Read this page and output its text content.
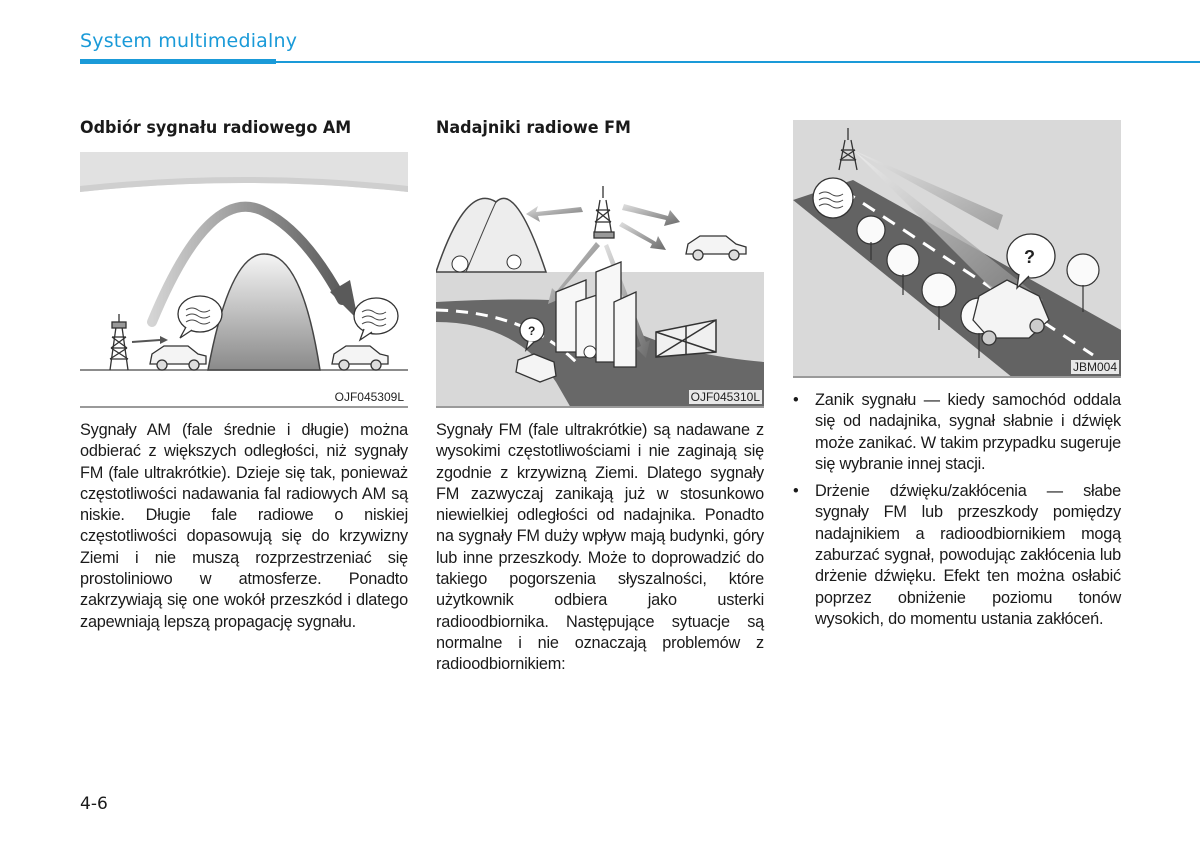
System multimedialny
Odbiór sygnału radiowego AM
OJF045309L

Sygnały AM (fale średnie i długie) można odbierać z większych odległości, niż sygnały FM (fale ultrakrótkie). Dzieje się tak, ponieważ częstotliwości nadawania fal radiowych AM są niskie. Długie fale radiowe o niskiej częstotliwości dopasowują się do krzywizny Ziemi i nie muszą rozprzestrzeniać się prostoliniowo w atmosferze. Ponadto zakrzywiają się one wokół przeszkód i dlatego zapewniają lepszą propagację sygnału.

Nadajniki radiowe FM
?
OJF045310L

Sygnały FM (fale ultrakrótkie) są nadawane z wysokimi częstotliwościami i nie zaginają się zgodnie z krzywizną Ziemi. Dlatego sygnały FM zazwyczaj zanikają już w stosunkowo niewielkiej odległości od nadajnika. Ponadto na sygnały FM duży wpływ mają budynki, góry lub inne przeszkody. Może to doprowadzić do takiego pogorszenia słyszalności, które użytkownik odbiera jako usterki radioodbiornika. Następujące sytuacje są normalne i nie oznaczają problemów z radioodbiornikiem:

?
JBM004
• Zanik sygnału — kiedy samochód oddala się od nadajnika, sygnał słabnie i dźwięk może zanikać. W takim przypadku sugeruje się wybranie innej stacji.
• Drżenie dźwięku/zakłócenia — słabe sygnały FM lub przeszkody pomiędzy nadajnikiem a radioodbiornikiem mogą zaburzać sygnał, powodując zakłócenia lub drżenie dźwięku. Efekt ten można osłabić poprzez obniżenie poziomu tonów wysokich, do momentu ustania zakłóceń.
4-6
